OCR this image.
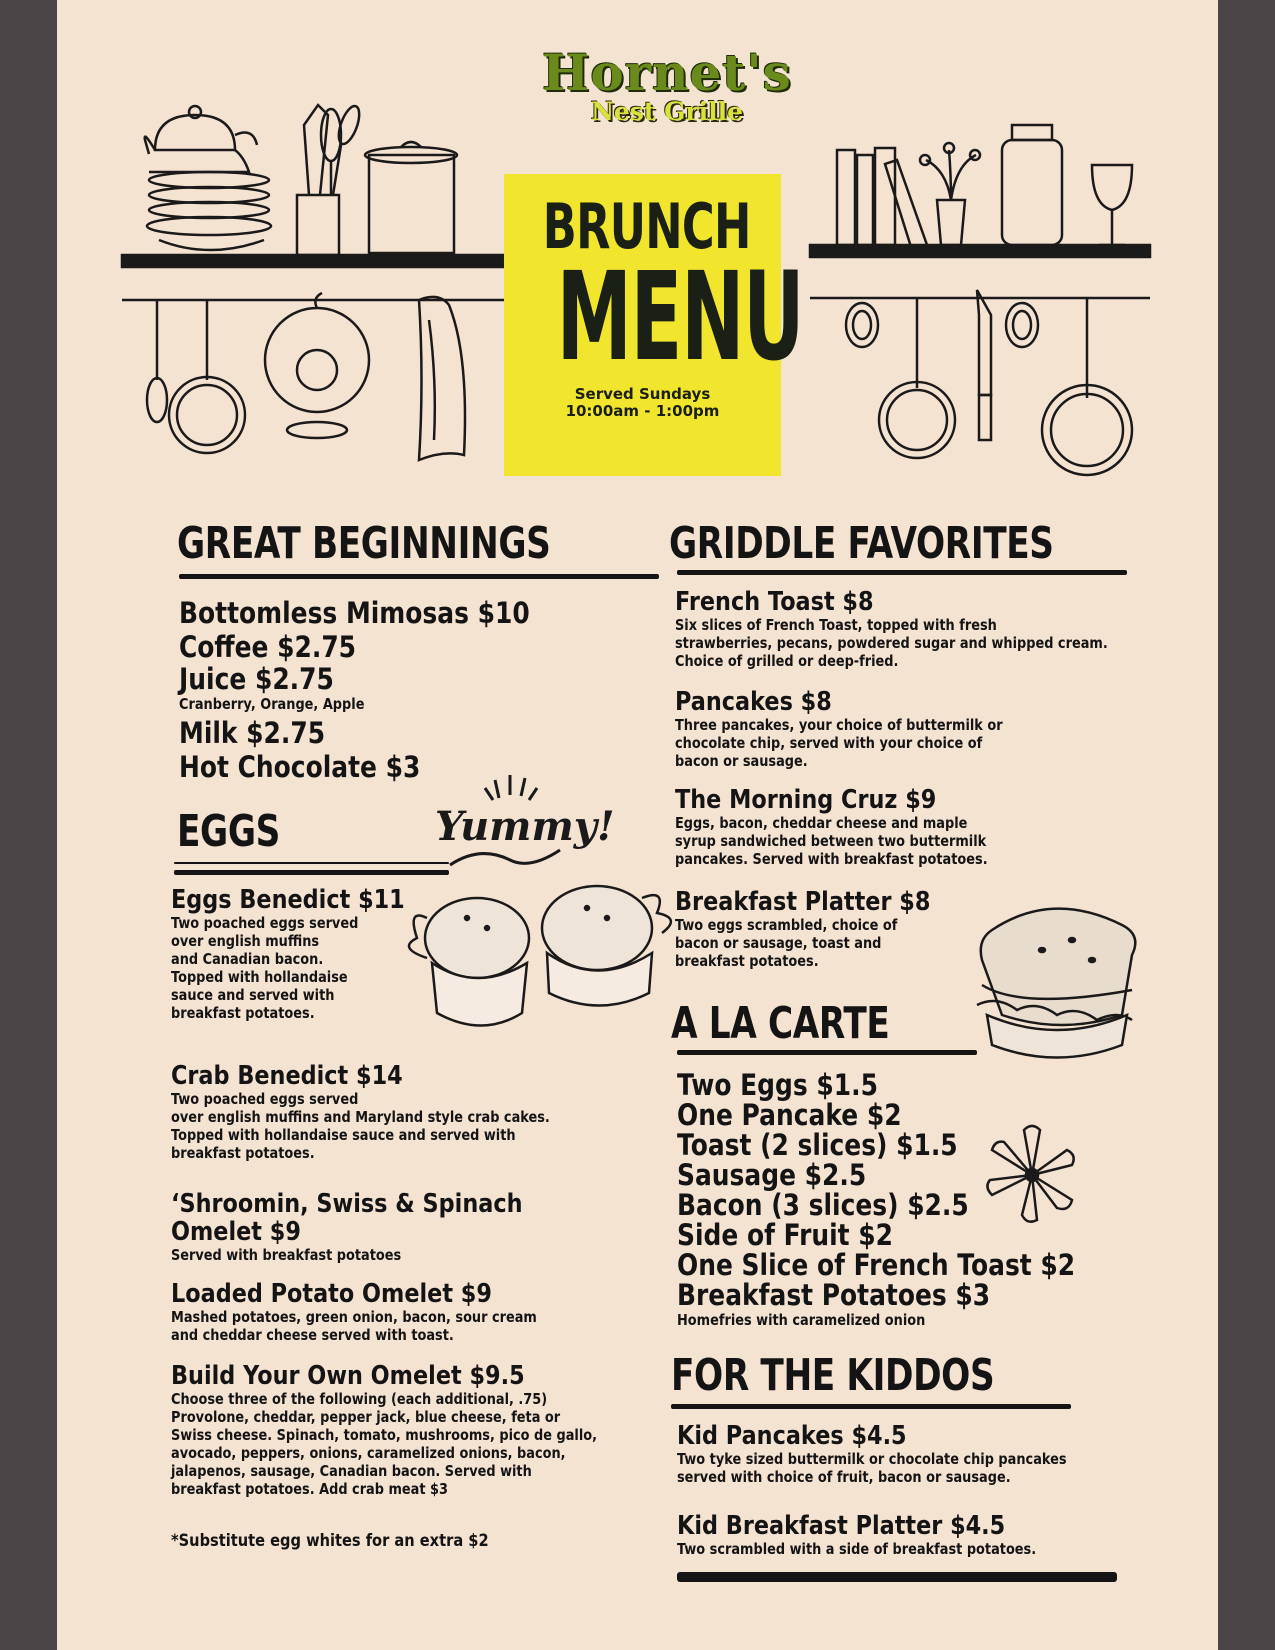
Hornet's
Nest Grille
BRUNCH
MENU
Served Sundays
10:00am - 1:00pm
GREAT BEGINNINGS
Bottomless Mimosas $10
Coffee $2.75
Juice $2.75
Cranberry, Orange, Apple
Milk $2.75
Hot Chocolate $3
Yummy!
EGGS
Eggs Benedict $11
Two poached eggs served
over english muffins
and Canadian bacon.
Topped with hollandaise
sauce and served with
breakfast potatoes.
Crab Benedict $14
Two poached eggs served
over english muffins and Maryland style crab cakes.
Topped with hollandaise sauce and served with
breakfast potatoes.
‘Shroomin, Swiss & Spinach
Omelet $9
Served with breakfast potatoes
Loaded Potato Omelet $9
Mashed potatoes, green onion, bacon, sour cream
and cheddar cheese served with toast.
Build Your Own Omelet $9.5
Choose three of the following (each additional, .75)
Provolone, cheddar, pepper jack, blue cheese, feta or
Swiss cheese. Spinach, tomato, mushrooms, pico de gallo,
avocado, peppers, onions, caramelized onions, bacon,
jalapenos, sausage, Canadian bacon. Served with
breakfast potatoes. Add crab meat $3
*Substitute egg whites for an extra $2
GRIDDLE FAVORITES
French Toast $8
Six slices of French Toast, topped with fresh
strawberries, pecans, powdered sugar and whipped cream.
Choice of grilled or deep-fried.
Pancakes $8
Three pancakes, your choice of buttermilk or
chocolate chip, served with your choice of
bacon or sausage.
The Morning Cruz $9
Eggs, bacon, cheddar cheese and maple
syrup sandwiched between two buttermilk
pancakes. Served with breakfast potatoes.
Breakfast Platter $8
Two eggs scrambled, choice of
bacon or sausage, toast and
breakfast potatoes.
A LA CARTE
Two Eggs $1.5
One Pancake $2
Toast (2 slices) $1.5
Sausage $2.5
Bacon (3 slices) $2.5
Side of Fruit $2
One Slice of French Toast $2
Breakfast Potatoes $3
Homefries with caramelized onion
FOR THE KIDDOS
Kid Pancakes $4.5
Two tyke sized buttermilk or chocolate chip pancakes
served with choice of fruit, bacon or sausage.
Kid Breakfast Platter $4.5
Two scrambled with a side of breakfast potatoes.
